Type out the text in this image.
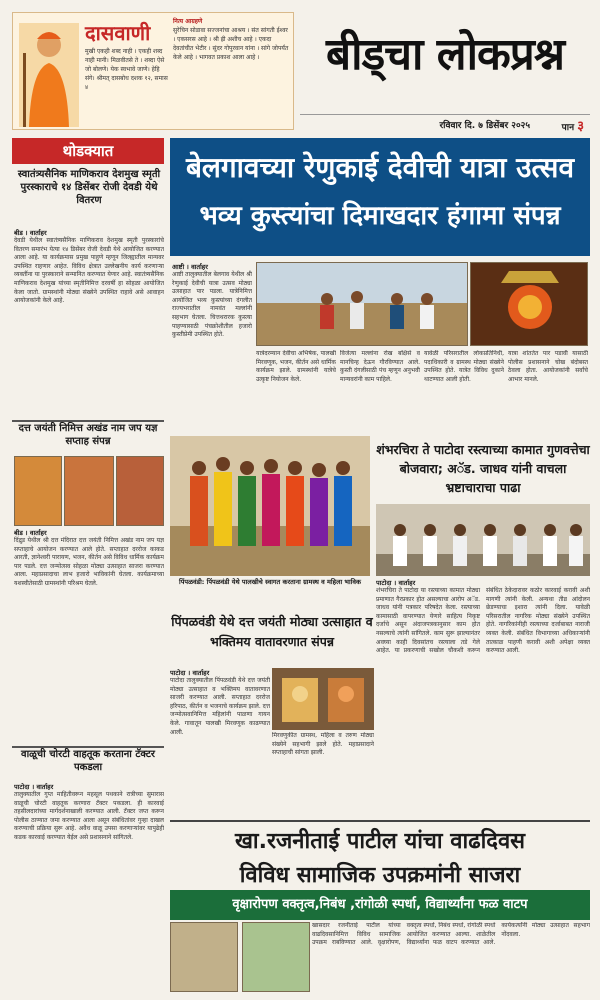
दासवाणी
मुखी एकही शब्द नाही । एकही शब्द नाही मानी। मिळवीतसे ते । शब्दा ऐसे जो बोलणे। येक स्वभावे जाणे। हेहि संगे। श्रीमत् दासबोध दशक १२, समास ४
नित्य आग्रहणे
सुरेचिन सोडावा सज्जनांचा आश्रय । संत सांगती ईश्वर । एकसरस आहे । श्री ह्री अशीच आहे । एकदा देवतांचीत भेटीर । सुंदर गोपुरवान यांना । सांगे जोपर्यंत केले आहे । भागवत प्रकाश आला आहे ।	बीड्चा लोकप्रश्न
रविवार दि. ७ डिसेंबर २०२५	पान ३
थोडक्यात
स्वातंत्र्यसैनिक माणिकराव देशमुख स्मृती पुरस्काराचे १४ डिसेंबर रोजी देवडी येथे वितरण
बीड । वार्ताहर
देवडी येथील स्वातंत्र्यसैनिक माणिकराव देशमुख स्मृती पुरस्कारांचे वितरण समारंभ येत्या १४ डिसेंबर रोजी देवडी येथे आयोजित करण्यात आला आहे. या कार्यक्रमास प्रमुख पाहुणे म्हणून जिल्ह्यातील मान्यवर उपस्थित राहणार आहेत. विविध क्षेत्रात उल्लेखनीय कार्य करणाऱ्या व्यक्तींना या पुरस्काराने सन्मानित करण्यात येणार आहे. स्वातंत्र्यसैनिक माणिकराव देशमुख यांच्या स्मृतीनिमित्त दरवर्षी हा सोहळा आयोजित केला जातो. ग्रामस्थांनी मोठ्या संख्येने उपस्थित राहावे असे आवाहन आयोजकांनी केले आहे.
दत्त जयंती निमित्त अखंड नाम जप यज्ञ सप्ताह संपन्न
बीड । वार्ताहर
दिंद्रुड येथील श्री दत्त मंदिरात दत्त जयंती निमित्त अखंड नाम जप यज्ञ सप्ताहाचे आयोजन करण्यात आले होते. सप्ताहात दररोज काकड आरती, ज्ञानेश्वरी पारायण, भजन, कीर्तन असे विविध धार्मिक कार्यक्रम पार पडले. दत्त जन्मोत्सव सोहळा मोठ्या उत्साहात साजरा करण्यात आला. महाप्रसादाचा लाभ हजारो भाविकांनी घेतला. कार्यक्रमाच्या यशस्वीतेसाठी ग्रामस्थांनी परिश्रम घेतले.
वाळूची चोरटी वाहतूक करताना टॅक्टर पकडला
पाटोदा । वार्ताहर
तालुक्यातील गुप्त माहितीवरून महसूल पथकाने रात्रीच्या सुमारास वाळूची चोरटी वाहतूक करणारा टॅक्टर पकडला. ही कारवाई तहसीलदारांच्या मार्गदर्शनाखाली करण्यात आली. टॅक्टर जप्त करून पोलीस ठाण्यात जमा करण्यात आला असून संबंधितांवर गुन्हा दाखल करण्याची प्रक्रिया सुरू आहे. अवैध वाळू उपसा करणाऱ्यांवर यापुढेही कडक कारवाई करण्यात येईल असे प्रशासनाने सांगितले.
बेलगावच्या रेणुकाई देवीची यात्रा उत्सव
भव्य कुस्त्यांचा दिमाखदार हंगामा संपन्न
आष्टी । वार्ताहर
आष्टी तालुक्यातील बेलगाव येथील श्री रेणुकाई देवीची यात्रा उत्सव मोठ्या उत्साहात पार पडला. यात्रेनिमित्त आयोजित भव्य कुस्त्यांच्या दंगलीत राज्यभरातील नामवंत मल्लांनी सहभाग घेतला. चित्तथरारक कुस्त्या पाहण्यासाठी पंचक्रोशीतील हजारो कुस्तीप्रेमी उपस्थित होते.
यात्रेदरम्यान देवीचा अभिषेक, पालखी मिरवणूक, भजन, कीर्तन असे धार्मिक कार्यक्रम झाले. ग्रामस्थांनी यात्रेचे उत्कृष्ट नियोजन केले.
विजेत्या मल्लांना रोख बक्षिसे व मानचिन्ह देऊन गौरविण्यात आले. कुस्ती दंगलीसाठी पंच म्हणून अनुभवी मान्यवरांनी काम पाहिले.
यावेळी परिसरातील लोकप्रतिनिधी, पदाधिकारी व ग्रामस्थ मोठ्या संख्येने उपस्थित होते. यात्रेत विविध दुकाने थाटण्यात आली होती.
यात्रा शांततेत पार पडावी यासाठी पोलीस प्रशासनाने चोख बंदोबस्त ठेवला होता. आयोजकांनी सर्वांचे आभार मानले.
पिंपळवंडी: पिंपळवंडी येथे पालखीचे स्वागत करताना ग्रामस्थ व महिला भाविक
शंभरचिरा ते पाटोदा रस्त्याच्या कामात गुणवत्तेचा बोजवारा; अॅड. जाधव यांनी वाचला भ्रष्टाचाराचा पाढा
पाटोदा । वार्ताहर
शंभरचिरा ते पाटोदा या रस्त्याच्या कामात मोठ्या प्रमाणात गैरप्रकार होत असल्याचा आरोप अॅड. जाधव यांनी पत्रकार परिषदेत केला. रस्त्याच्या कामासाठी वापरण्यात येणारे साहित्य निकृष्ट दर्जाचे असून अंदाजपत्रकानुसार काम होत नसल्याचे त्यांनी सांगितले. काम सुरू झाल्यानंतर अवघ्या काही दिवसांतच रस्त्याला तडे गेले आहेत. या प्रकरणाची सखोल चौकशी करून संबंधित ठेकेदारावर कठोर कारवाई करावी अशी मागणी त्यांनी केली. अन्यथा तीव्र आंदोलन छेडण्याचा इशारा त्यांनी दिला. यावेळी परिसरातील नागरिक मोठ्या संख्येने उपस्थित होते. नागरिकांनीही रस्त्याच्या दर्जाबाबत नाराजी व्यक्त केली. संबंधित विभागाच्या अधिकाऱ्यांनी तात्काळ पाहणी करावी अशी अपेक्षा व्यक्त करण्यात आली.
पिंपळवंडी येथे दत्त जयंती मोठ्या उत्साहात व भक्तिमय वातावरणात संपन्न
पाटोदा । वार्ताहर
पाटोदा तालुक्यातील पिंपळवंडी येथे दत्त जयंती मोठ्या उत्साहात व भक्तिमय वातावरणात साजरी करण्यात आली. सप्ताहात दररोज हरिपाठ, कीर्तन व भजनाचे कार्यक्रम झाले. दत्त जन्मोत्सवानिमित्त महिलांनी पाळणा गायन केले. गावातून पालखी मिरवणूक काढण्यात आली.	मिरवणुकीत ग्रामस्थ, महिला व तरुण मोठ्या संख्येने सहभागी झाले होते. महाप्रसादाने सप्ताहाची सांगता झाली.
खा.रजनीताई पाटील यांचा वाढदिवस
विविध सामाजिक उपक्रमांनी साजरा
वृक्षारोपण वक्तृत्व,निबंध ,रांगोळी स्पर्धा, विद्यार्थ्यांना फळ वाटप
खासदार रजनीताई पाटील यांच्या वाढदिवसानिमित्त विविध सामाजिक उपक्रम राबविण्यात आले. वृक्षारोपण, वक्तृत्व स्पर्धा, निबंध स्पर्धा, रांगोळी स्पर्धा आयोजित करण्यात आल्या. शाळेतील विद्यार्थ्यांना फळ वाटप करण्यात आले. कार्यकर्त्यांनी मोठ्या उत्साहात सहभाग नोंदवला.
